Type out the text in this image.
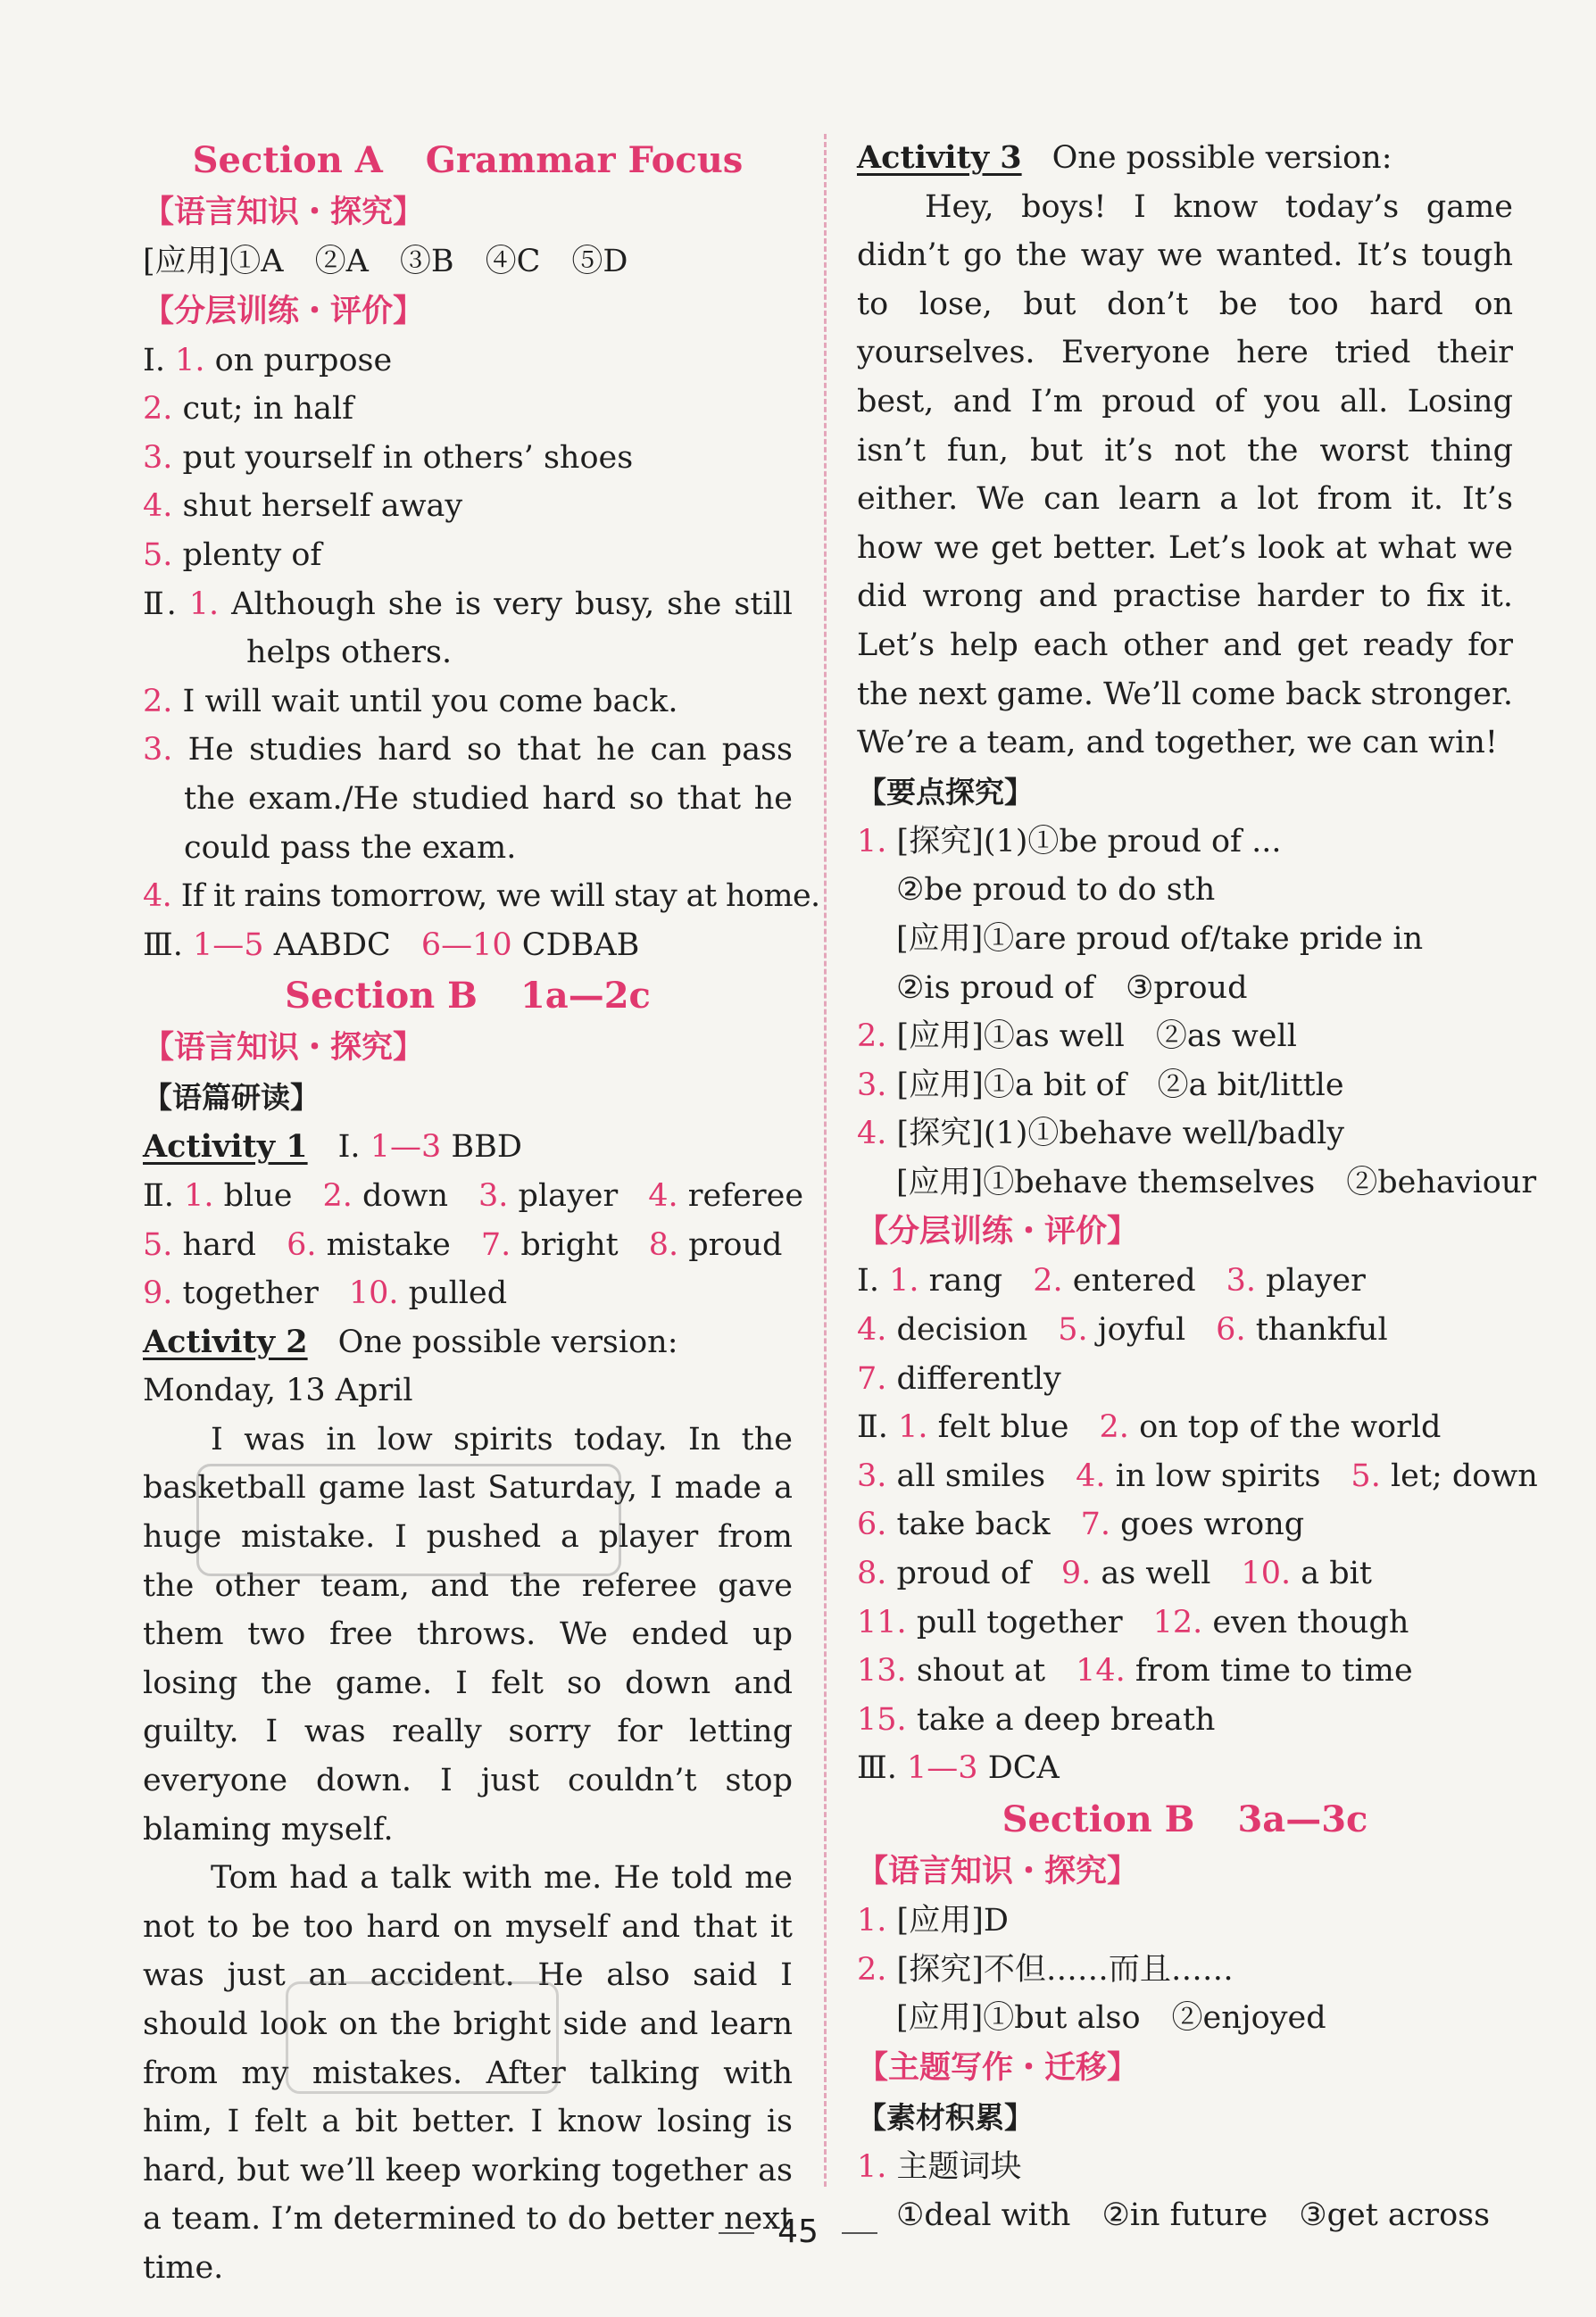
Section A Grammar Focus
【语言知识・探究】
[应用]①A　②A　③B　④C　⑤D
【分层训练・评价】
Ⅰ. 1. on purpose
2. cut; in half
3. put yourself in others’ shoes
4. shut herself away
5. plenty of
Ⅱ. 1. Although she is very busy, she still helps others.
2. I will wait until you come back.
3. He studies hard so that he can pass the exam./He studied hard so that he could pass the exam.
4. If it rains tomorrow, we will stay at home.
Ⅲ. 1—5 AABDC 6—10 CDBAB
Section B 1a—2c
【语言知识・探究】
【语篇研读】
Activity 1 Ⅰ. 1—3 BBD
Ⅱ. 1. blue 2. down 3. player 4. referee
5. hard 6. mistake 7. bright 8. proud
9. together 10. pulled
Activity 2 One possible version:
Monday, 13 April
I was in low spirits today. In the basketball game last Saturday, I made a huge mistake. I pushed a player from the other team, and the referee gave them two free throws. We ended up losing the game. I felt so down and guilty. I was really sorry for letting everyone down. I just couldn’t stop blaming myself.
Tom had a talk with me. He told me not to be too hard on myself and that it was just an accident. He also said I should look on the bright side and learn from my mistakes. After talking with him, I felt a bit better. I know losing is hard, but we’ll keep working together as a team. I’m determined to do better next time.
Activity 3 One possible version:
Hey, boys! I know today’s game didn’t go the way we wanted. It’s tough to lose, but don’t be too hard on yourselves. Everyone here tried their best, and I’m proud of you all. Losing isn’t fun, but it’s not the worst thing either. We can learn a lot from it. It’s how we get better. Let’s look at what we did wrong and practise harder to fix it. Let’s help each other and get ready for the next game. We’ll come back stronger. We’re a team, and together, we can win!
【要点探究】
1. [探究](1)①be proud of ...
②be proud to do sth
[应用]①are proud of/take pride in
②is proud of　③proud
2. [应用]①as well　②as well
3. [应用]①a bit of　②a bit/little
4. [探究](1)①behave well/badly
[应用]①behave themselves　②behaviour
【分层训练・评价】
Ⅰ. 1. rang 2. entered 3. player
4. decision 5. joyful 6. thankful
7. differently
Ⅱ. 1. felt blue 2. on top of the world
3. all smiles 4. in low spirits 5. let; down
6. take back 7. goes wrong
8. proud of 9. as well 10. a bit
11. pull together 12. even though
13. shout at 14. from time to time
15. take a deep breath
Ⅲ. 1—3 DCA
Section B 3a—3c
【语言知识・探究】
1. [应用]D
2. [探究]不但……而且……
[应用]①but also　②enjoyed
【主题写作・迁移】
【素材积累】
1. 主题词块
①deal with　②in future　③get across
45
